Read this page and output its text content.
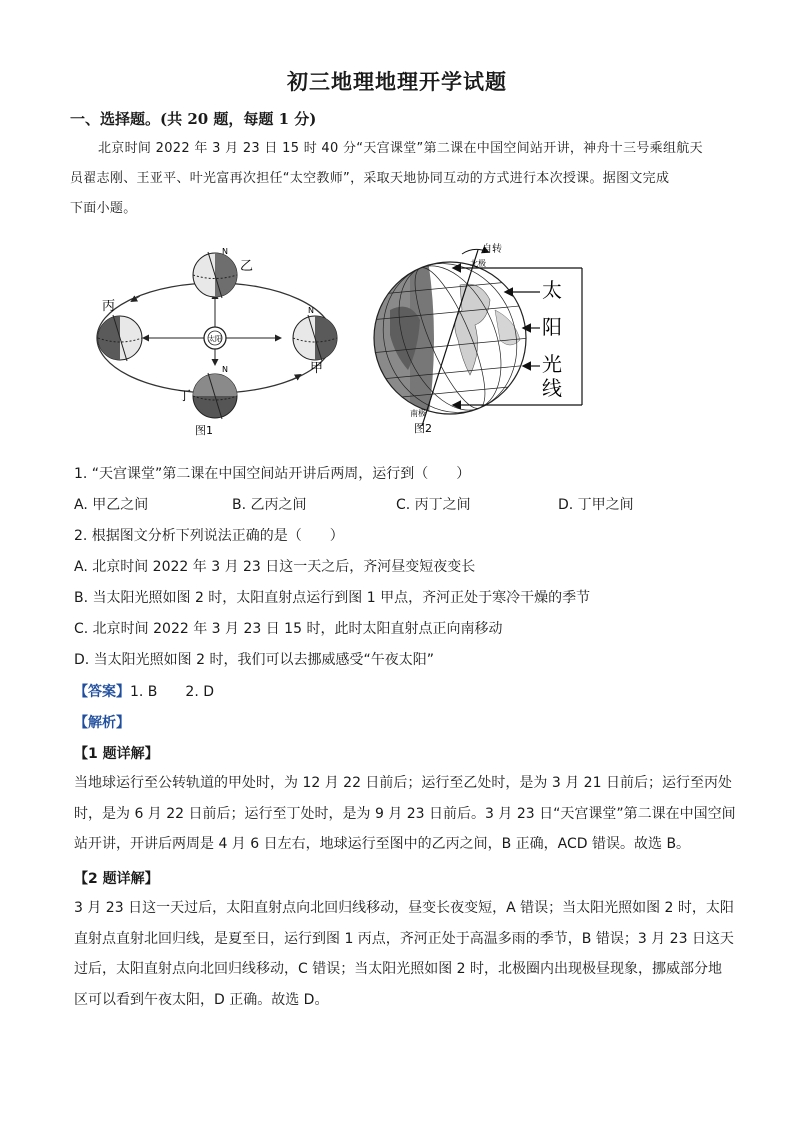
初三地理地理开学试题
一、选择题。(共 20 题，每题 1 分)
北京时间 2022 年 3 月 23 日 15 时 40 分“天宫课堂”第二课在中国空间站开讲，神舟十三号乘组航天
员翟志刚、王亚平、叶光富再次担任“太空教师”，采取天地协同互动的方式进行本次授课。据图文完成
下面小题。
太阳
N
乙
丙	N
甲
N
丁
图1
自转
北极
南极
太
阳
光
线
图2
1. “天宫课堂”第二课在中国空间站开讲后两周，运行到（　　）
A. 甲乙之间	B. 乙丙之间	C. 丙丁之间	D. 丁甲之间
2. 根据图文分析下列说法正确的是（　　）
A. 北京时间 2022 年 3 月 23 日这一天之后，齐河昼变短夜变长
B. 当太阳光照如图 2 时，太阳直射点运行到图 1 甲点，齐河正处于寒冷干燥的季节
C. 北京时间 2022 年 3 月 23 日 15 时，此时太阳直射点正向南移动
D. 当太阳光照如图 2 时，我们可以去挪威感受“午夜太阳”
【答案】1. B　　2. D
【解析】
【1 题详解】
当地球运行至公转轨道的甲处时，为 12 月 22 日前后；运行至乙处时，是为 3 月 21 日前后；运行至丙处
时，是为 6 月 22 日前后；运行至丁处时，是为 9 月 23 日前后。3 月 23 日“天宫课堂”第二课在中国空间
站开讲，开讲后两周是 4 月 6 日左右，地球运行至图中的乙丙之间，B 正确，ACD 错误。故选 B。
【2 题详解】
3 月 23 日这一天过后，太阳直射点向北回归线移动，昼变长夜变短，A 错误；当太阳光照如图 2 时，太阳
直射点直射北回归线，是夏至日，运行到图 1 丙点，齐河正处于高温多雨的季节，B 错误；3 月 23 日这天
过后，太阳直射点向北回归线移动，C 错误；当太阳光照如图 2 时，北极圈内出现极昼现象，挪威部分地
区可以看到午夜太阳，D 正确。故选 D。
